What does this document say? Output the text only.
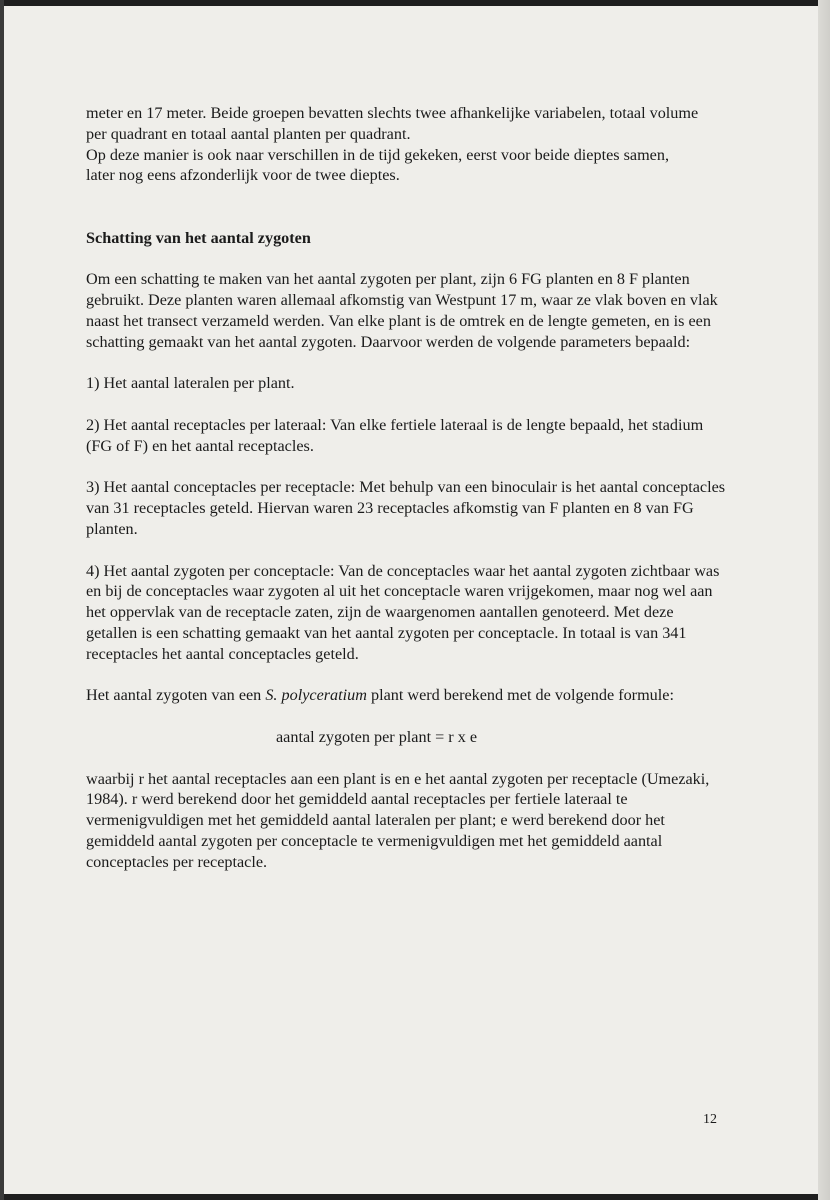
meter en 17 meter. Beide groepen bevatten slechts twee afhankelijke variabelen, totaal volume

per quadrant en totaal aantal planten per quadrant.

Op deze manier is ook naar verschillen in de tijd gekeken, eerst voor beide dieptes samen,

later nog eens afzonderlijk voor de twee dieptes.

Schatting van het aantal zygoten

Om een schatting te maken van het aantal zygoten per plant, zijn 6 FG planten en 8 F planten gebruikt. Deze planten waren allemaal afkomstig van Westpunt 17 m, waar ze vlak boven en vlak naast het transect verzameld werden. Van elke plant is de omtrek en de lengte gemeten, en is een schatting gemaakt van het aantal zygoten. Daarvoor werden de volgende parameters bepaald:

1) Het aantal lateralen per plant.

2) Het aantal receptacles per lateraal: Van elke fertiele lateraal is de lengte bepaald, het stadium (FG of F) en het aantal receptacles.

3) Het aantal conceptacles per receptacle: Met behulp van een binoculair is het aantal conceptacles van 31 receptacles geteld. Hiervan waren 23 receptacles afkomstig van F planten en 8 van FG planten.

4) Het aantal zygoten per conceptacle: Van de conceptacles waar het aantal zygoten zichtbaar was en bij de conceptacles waar zygoten al uit het conceptacle waren vrijgekomen, maar nog wel aan het oppervlak van de receptacle zaten, zijn de waargenomen aantallen genoteerd. Met deze getallen is een schatting gemaakt van het aantal zygoten per conceptacle. In totaal is van 341 receptacles het aantal conceptacles geteld.

Het aantal zygoten van een S. polyceratium plant werd berekend met de volgende formule:

aantal zygoten per plant = r x e

waarbij r het aantal receptacles aan een plant is en e het aantal zygoten per receptacle (Umezaki, 1984). r werd berekend door het gemiddeld aantal receptacles per fertiele lateraal te vermenigvuldigen met het gemiddeld aantal lateralen per plant; e werd berekend door het gemiddeld aantal zygoten per conceptacle te vermenigvuldigen met het gemiddeld aantal conceptacles per receptacle.

12
